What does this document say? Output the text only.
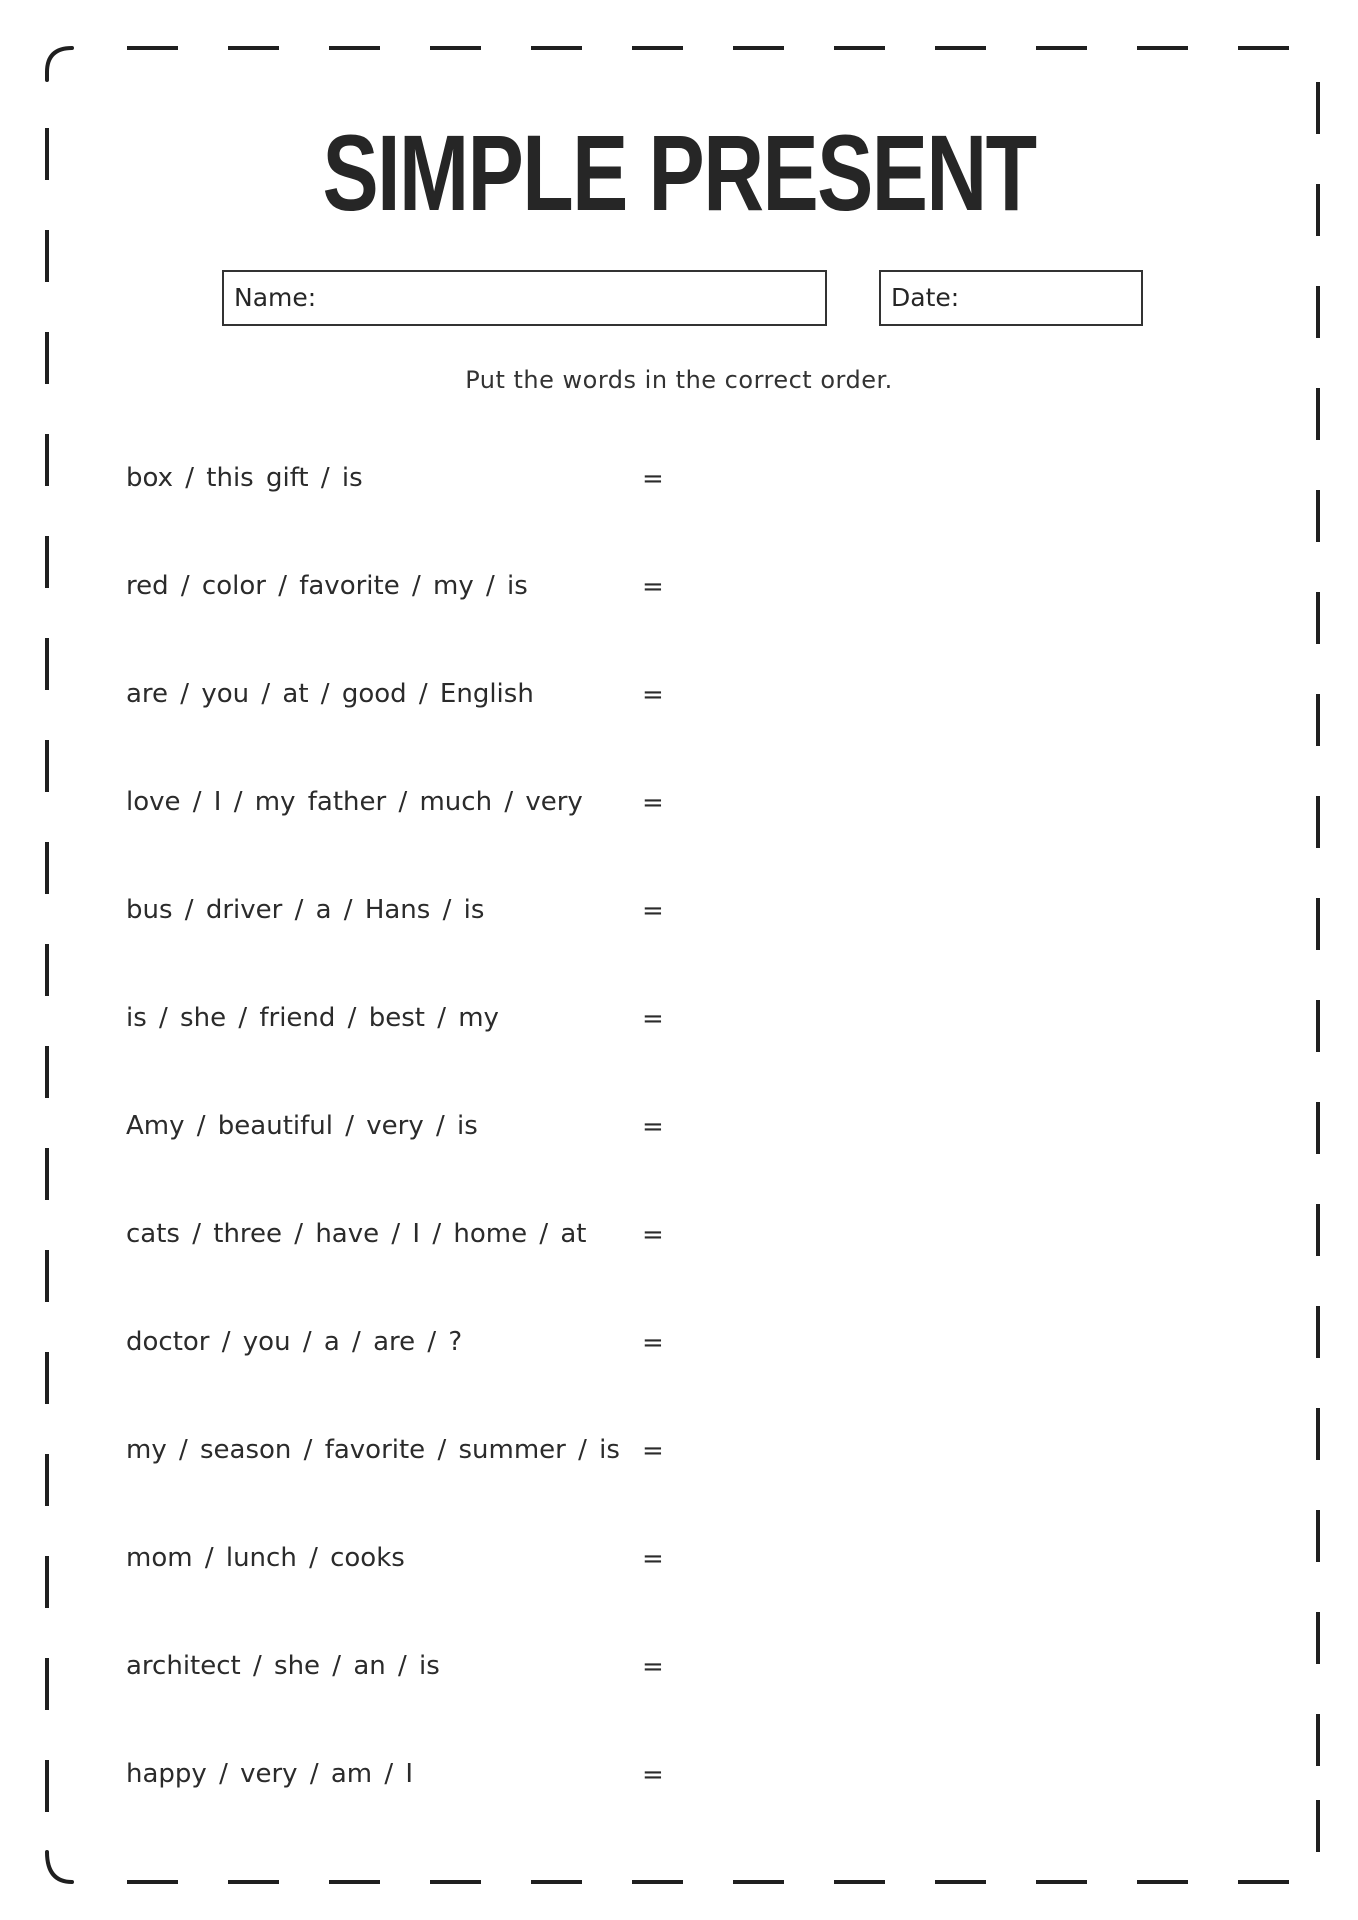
SIMPLE PRESENT
Name:	Date:
Put the words in the correct order.
box / this gift / is	=
red / color / favorite / my / is	=
are / you / at / good / English	=
love / I / my father / much / very =
bus / driver / a / Hans / is	=
is / she / friend / best / my	=
Amy / beautiful / very / is	=
cats / three / have / I / home / at =
doctor / you / a / are / ?	=
my / season / favorite / summer / is =
mom / lunch / cooks	=
architect / she / an / is	=
happy / very / am / I	=
